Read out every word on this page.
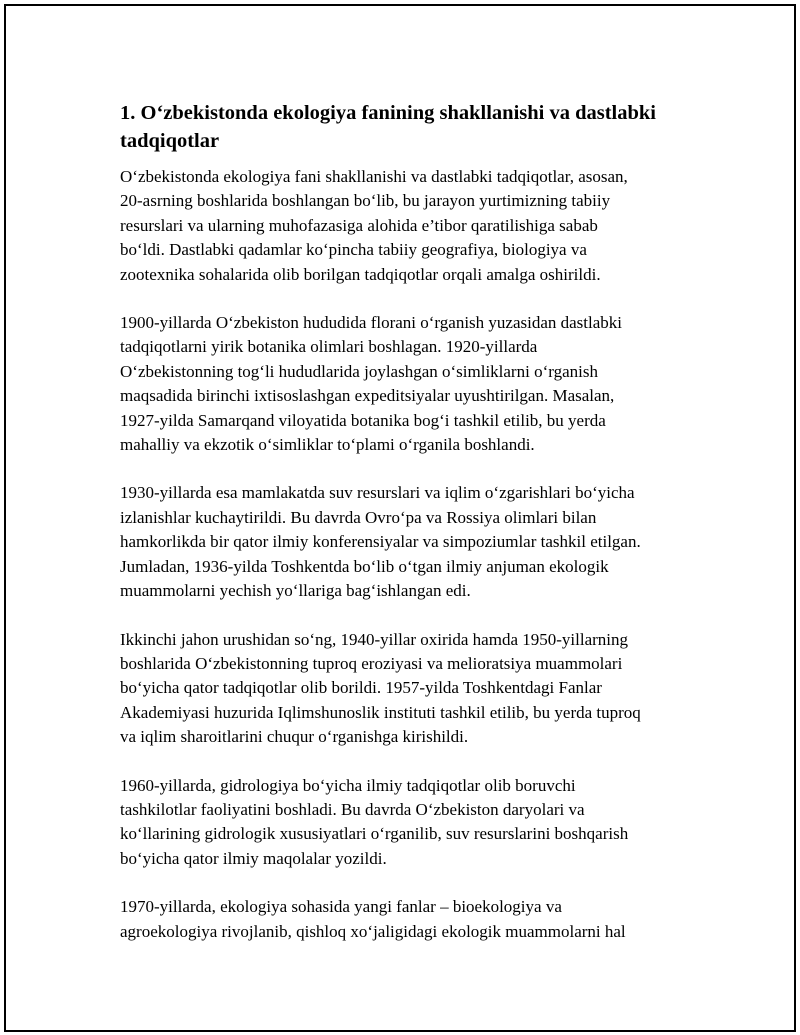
1. O‘zbekistonda ekologiya fanining shakllanishi va dastlabki
tadqiqotlar

O‘zbekistonda ekologiya fani shakllanishi va dastlabki tadqiqotlar, asosan,
20-asrning boshlarida boshlangan bo‘lib, bu jarayon yurtimizning tabiiy
resurslari va ularning muhofazasiga alohida e’tibor qaratilishiga sabab
bo‘ldi. Dastlabki qadamlar ko‘pincha tabiiy geografiya, biologiya va
zootexnika sohalarida olib borilgan tadqiqotlar orqali amalga oshirildi.

1900-yillarda O‘zbekiston hududida florani o‘rganish yuzasidan dastlabki
tadqiqotlarni yirik botanika olimlari boshlagan. 1920-yillarda
O‘zbekistonning tog‘li hududlarida joylashgan o‘simliklarni o‘rganish
maqsadida birinchi ixtisoslashgan expeditsiyalar uyushtirilgan. Masalan,
1927-yilda Samarqand viloyatida botanika bog‘i tashkil etilib, bu yerda
mahalliy va ekzotik o‘simliklar to‘plami o‘rganila boshlandi.

1930-yillarda esa mamlakatda suv resurslari va iqlim o‘zgarishlari bo‘yicha
izlanishlar kuchaytirildi. Bu davrda Ovro‘pa va Rossiya olimlari bilan
hamkorlikda bir qator ilmiy konferensiyalar va simpoziumlar tashkil etilgan.
Jumladan, 1936-yilda Toshkentda bo‘lib o‘tgan ilmiy anjuman ekologik
muammolarni yechish yo‘llariga bag‘ishlangan edi.

Ikkinchi jahon urushidan so‘ng, 1940-yillar oxirida hamda 1950-yillarning
boshlarida O‘zbekistonning tuproq eroziyasi va melioratsiya muammolari
bo‘yicha qator tadqiqotlar olib borildi. 1957-yilda Toshkentdagi Fanlar
Akademiyasi huzurida Iqlimshunoslik instituti tashkil etilib, bu yerda tuproq
va iqlim sharoitlarini chuqur o‘rganishga kirishildi.

1960-yillarda, gidrologiya bo‘yicha ilmiy tadqiqotlar olib boruvchi
tashkilotlar faoliyatini boshladi. Bu davrda O‘zbekiston daryolari va
ko‘llarining gidrologik xususiyatlari o‘rganilib, suv resurslarini boshqarish
bo‘yicha qator ilmiy maqolalar yozildi.

1970-yillarda, ekologiya sohasida yangi fanlar – bioekologiya va
agroekologiya rivojlanib, qishloq xo‘jaligidagi ekologik muammolarni hal
